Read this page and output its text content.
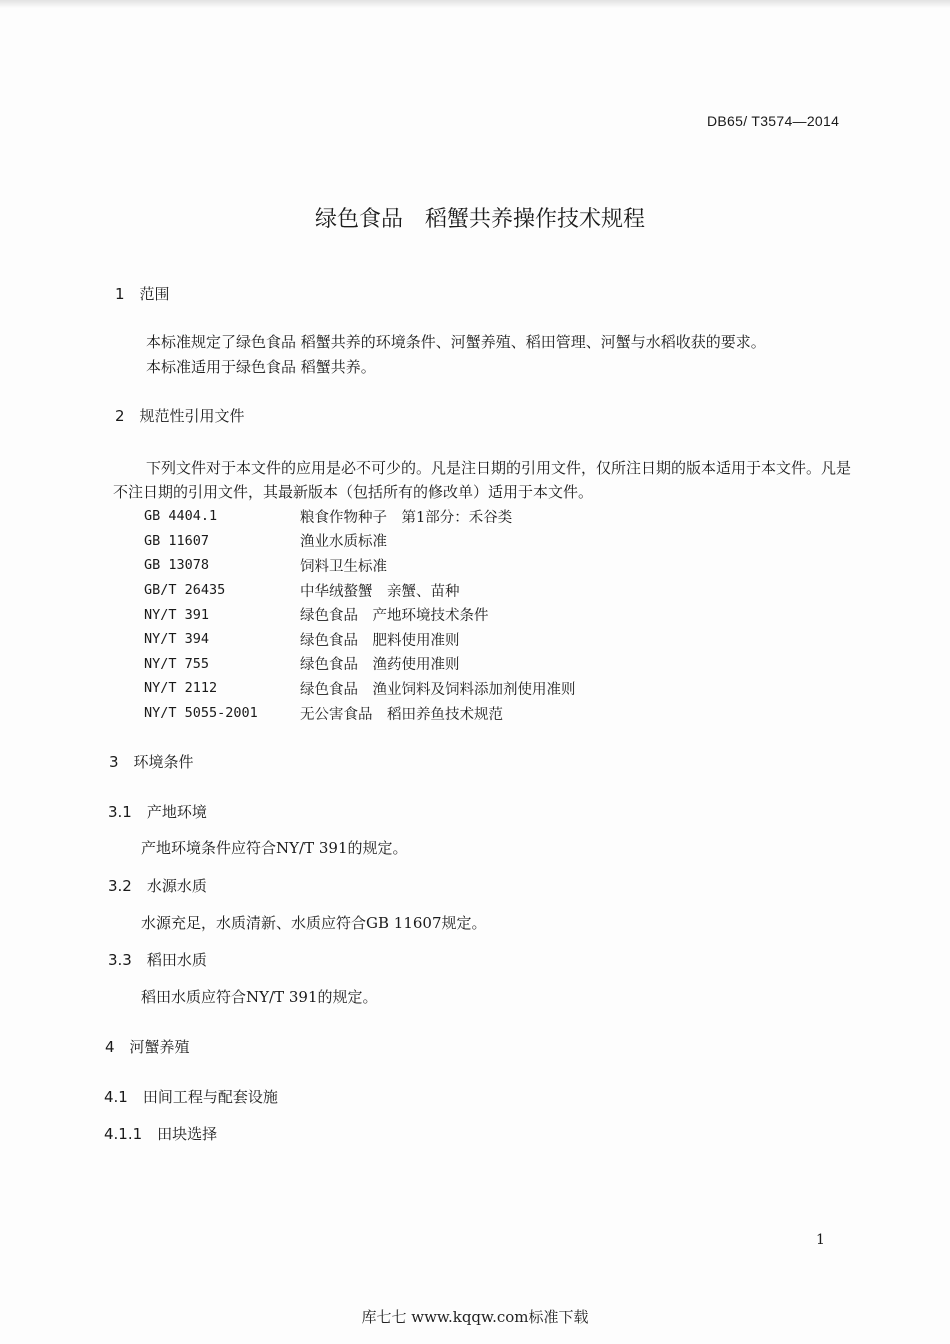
DB65/ T3574—2014
绿色食品　稻蟹共养操作技术规程
1　范围

本标准规定了绿色食品 稻蟹共养的环境条件、河蟹养殖、稻田管理、河蟹与水稻收获的要求。

本标准适用于绿色食品 稻蟹共养。

2　规范性引用文件

下列文件对于本文件的应用是必不可少的。凡是注日期的引用文件，仅所注日期的版本适用于本文件。凡是不注日期的引用文件，其最新版本（包括所有的修改单）适用于本文件。

GB 4404.1	粮食作物种子　第1部分：禾谷类
GB 11607	渔业水质标准
GB 13078	饲料卫生标准
GB/T 26435	中华绒螯蟹　亲蟹、苗种
NY/T 391	绿色食品　产地环境技术条件
NY/T 394	绿色食品　肥料使用准则
NY/T 755	绿色食品　渔药使用准则
NY/T 2112	绿色食品　渔业饲料及饲料添加剂使用准则
NY/T 5055-2001	无公害食品　稻田养鱼技术规范
3　环境条件
3.1　产地环境

产地环境条件应符合NY/T 391的规定。

3.2　水源水质

水源充足，水质清新、水质应符合GB 11607规定。

3.3　稻田水质

稻田水质应符合NY/T 391的规定。

4　河蟹养殖
4.1　田间工程与配套设施
4.1.1　田块选择
1
库七七 www.kqqw.com标准下载
